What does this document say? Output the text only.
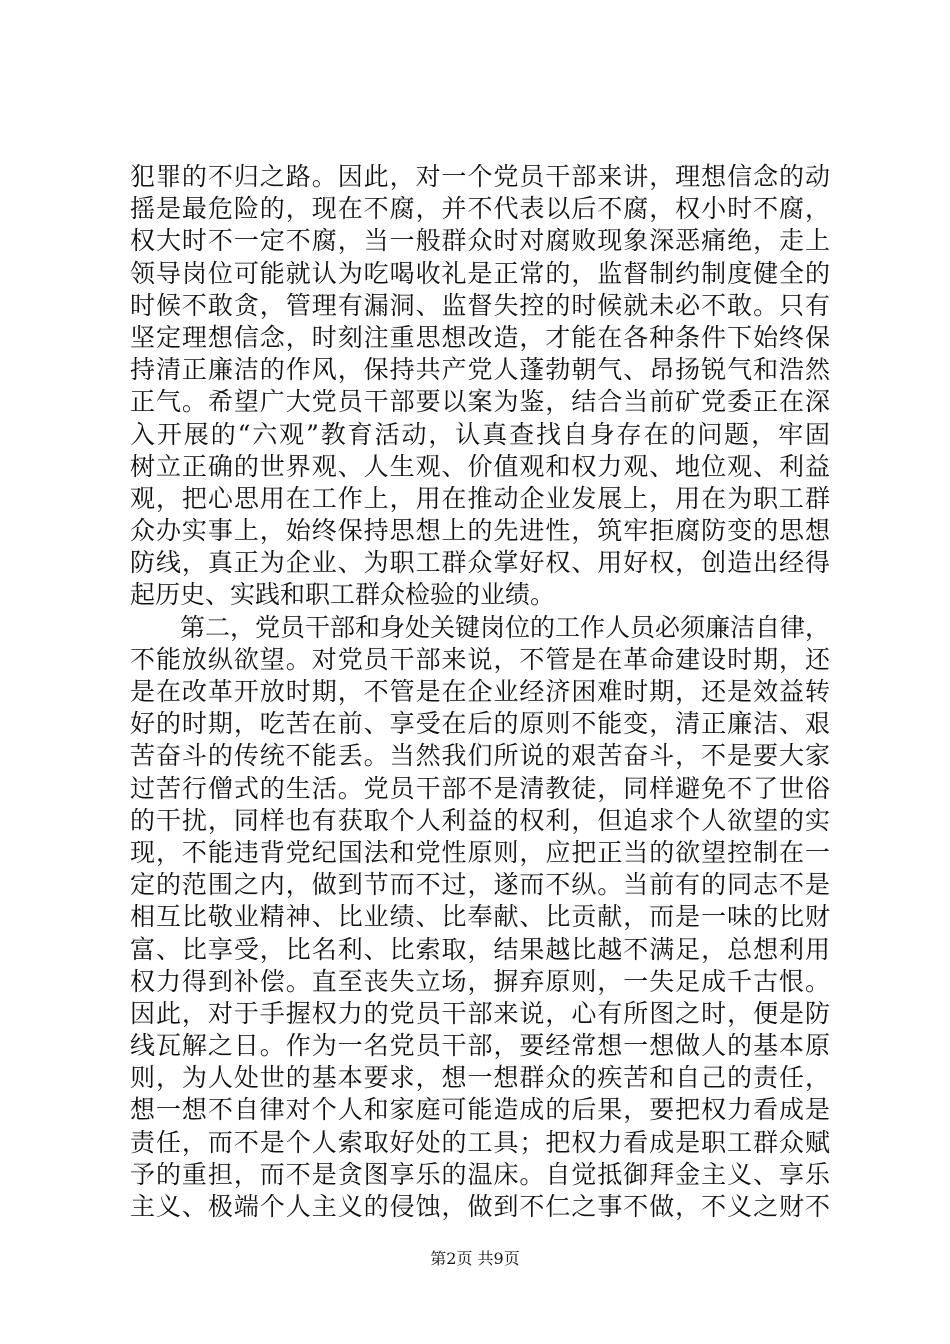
犯罪的不归之路。因此，对一个党员干部来讲，理想信念的动
摇是最危险的，现在不腐，并不代表以后不腐，权小时不腐，
权大时不一定不腐，当一般群众时对腐败现象深恶痛绝，走上
领导岗位可能就认为吃喝收礼是正常的，监督制约制度健全的
时候不敢贪，管理有漏洞、监督失控的时候就未必不敢。只有
坚定理想信念，时刻注重思想改造，才能在各种条件下始终保
持清正廉洁的作风，保持共产党人蓬勃朝气、昂扬锐气和浩然
正气。希望广大党员干部要以案为鉴，结合当前矿党委正在深
入开展的“六观”教育活动，认真查找自身存在的问题，牢固
树立正确的世界观、人生观、价值观和权力观、地位观、利益
观，把心思用在工作上，用在推动企业发展上，用在为职工群
众办实事上，始终保持思想上的先进性，筑牢拒腐防变的思想
防线，真正为企业、为职工群众掌好权、用好权，创造出经得
起历史、实践和职工群众检验的业绩。
　　第二，党员干部和身处关键岗位的工作人员必须廉洁自律，
不能放纵欲望。对党员干部来说，不管是在革命建设时期，还
是在改革开放时期，不管是在企业经济困难时期，还是效益转
好的时期，吃苦在前、享受在后的原则不能变，清正廉洁、艰
苦奋斗的传统不能丢。当然我们所说的艰苦奋斗，不是要大家
过苦行僧式的生活。党员干部不是清教徒，同样避免不了世俗
的干扰，同样也有获取个人利益的权利，但追求个人欲望的实
现，不能违背党纪国法和党性原则，应把正当的欲望控制在一
定的范围之内，做到节而不过，遂而不纵。当前有的同志不是
相互比敬业精神、比业绩、比奉献、比贡献，而是一味的比财
富、比享受，比名利、比索取，结果越比越不满足，总想利用
权力得到补偿。直至丧失立场，摒弃原则，一失足成千古恨。
因此，对于手握权力的党员干部来说，心有所图之时，便是防
线瓦解之日。作为一名党员干部，要经常想一想做人的基本原
则，为人处世的基本要求，想一想群众的疾苦和自己的责任，
想一想不自律对个人和家庭可能造成的后果，要把权力看成是
责任，而不是个人索取好处的工具；把权力看成是职工群众赋
予的重担，而不是贪图享乐的温床。自觉抵御拜金主义、享乐
主义、极端个人主义的侵蚀，做到不仁之事不做，不义之财不
第2页 共9页
